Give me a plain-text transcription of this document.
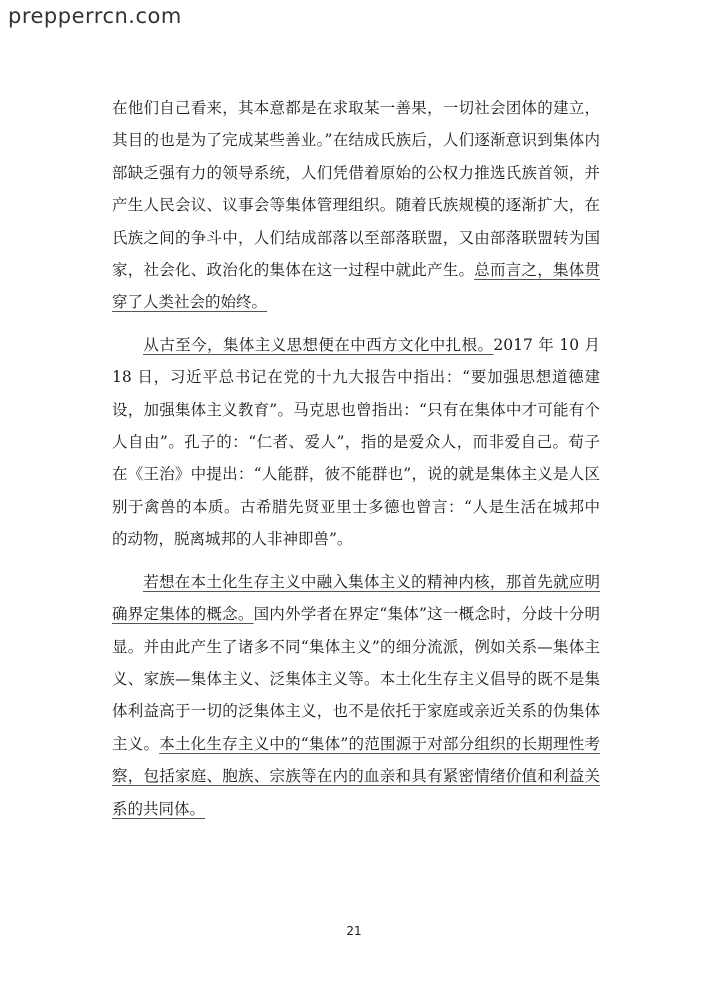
prepperrcn.com

在他们自己看来，其本意都是在求取某一善果，一切社会团体的建立，其目的也是为了完成某些善业。”在结成氏族后，人们逐渐意识到集体内部缺乏强有力的领导系统，人们凭借着原始的公权力推选氏族首领，并产生人民会议、议事会等集体管理组织。随着氏族规模的逐渐扩大，在氏族之间的争斗中，人们结成部落以至部落联盟，又由部落联盟转为国家，社会化、政治化的集体在这一过程中就此产生。总而言之，集体贯穿了人类社会的始终。

从古至今，集体主义思想便在中西方文化中扎根。2017 年 10 月 18 日，习近平总书记在党的十九大报告中指出：“要加强思想道德建设，加强集体主义教育”。马克思也曾指出：“只有在集体中才可能有个人自由”。孔子的：“仁者、爱人”，指的是爱众人，而非爱自己。荀子在《王治》中提出：“人能群，彼不能群也”，说的就是集体主义是人区别于禽兽的本质。古希腊先贤亚里士多德也曾言：“人是生活在城邦中的动物，脱离城邦的人非神即兽”。

若想在本土化生存主义中融入集体主义的精神内核，那首先就应明确界定集体的概念。国内外学者在界定“集体”这一概念时，分歧十分明显。并由此产生了诸多不同“集体主义”的细分流派，例如关系—集体主义、家族—集体主义、泛集体主义等。本土化生存主义倡导的既不是集体利益高于一切的泛集体主义，也不是依托于家庭或亲近关系的伪集体主义。本土化生存主义中的“集体”的范围源于对部分组织的长期理性考察，包括家庭、胞族、宗族等在内的血亲和具有紧密情绪价值和利益关系的共同体。

21
